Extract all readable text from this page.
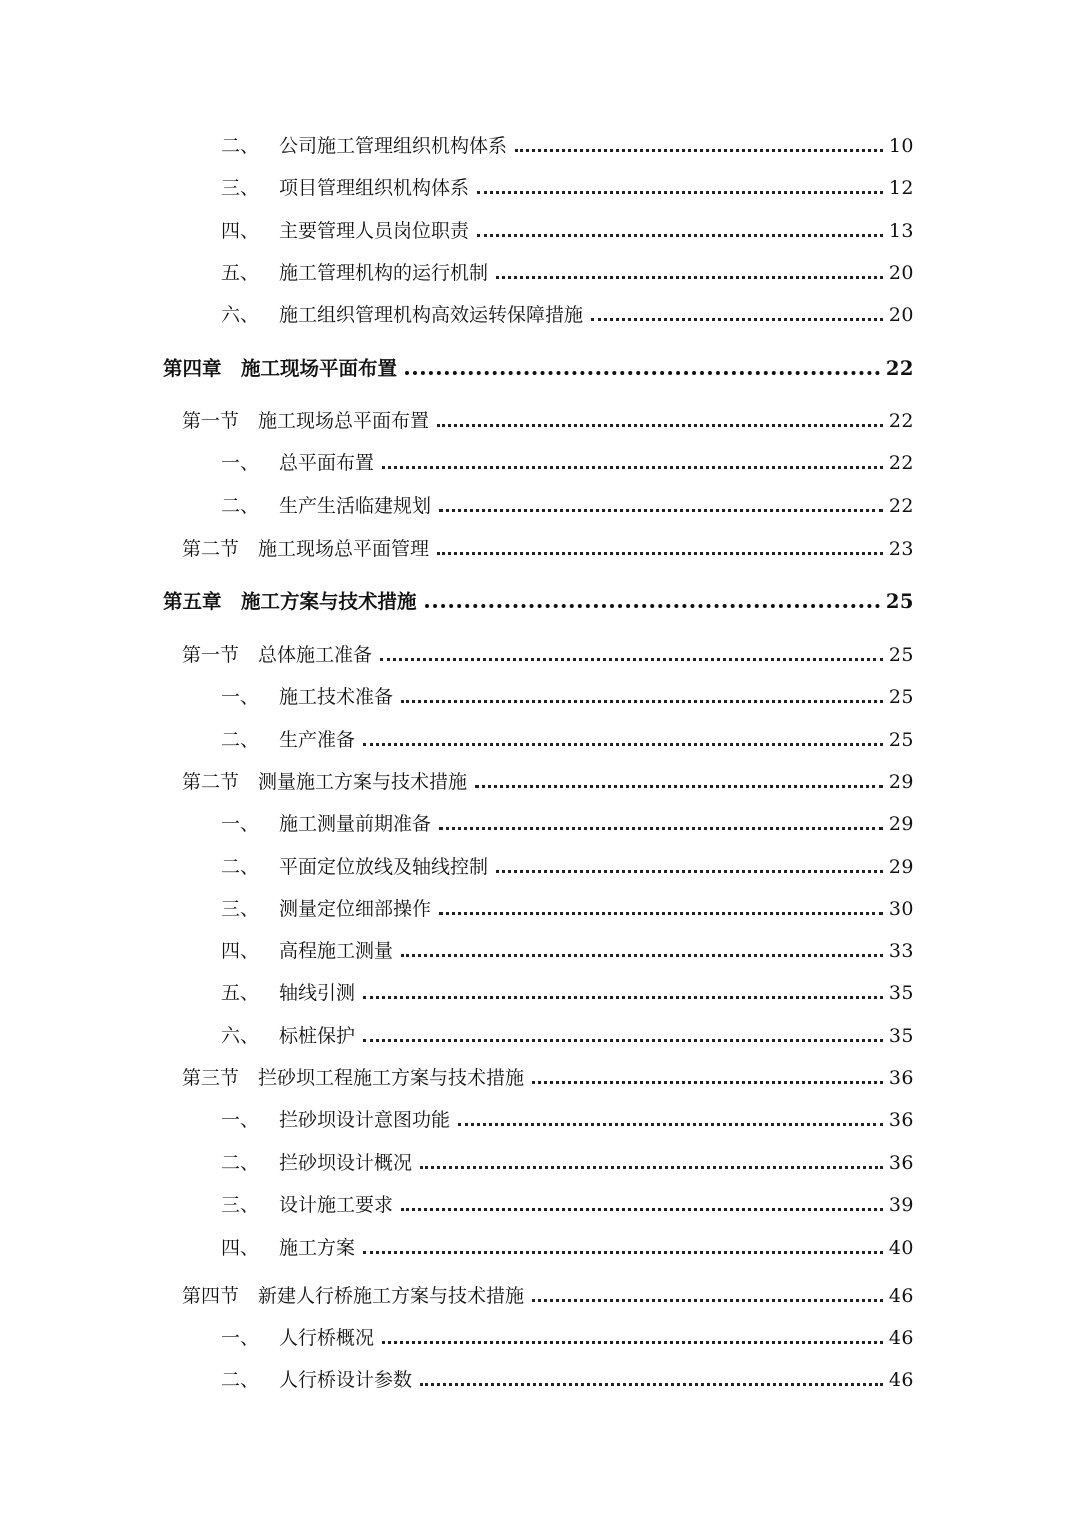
二、	公司施工管理组织机构体系	10
三、	项目管理组织机构体系	12
四、	主要管理人员岗位职责	13
五、	施工管理机构的运行机制	20
六、	施工组织管理机构高效运转保障措施	20
第四章 施工现场平面布置	22
第一节 施工现场总平面布置	22
一、	总平面布置	22
二、	生产生活临建规划	22
第二节 施工现场总平面管理	23
第五章 施工方案与技术措施	25
第一节 总体施工准备	25
一、	施工技术准备	25
二、	生产准备	25
第二节 测量施工方案与技术措施	29
一、	施工测量前期准备	29
二、	平面定位放线及轴线控制	29
三、	测量定位细部操作	30
四、	高程施工测量	33
五、	轴线引测	35
六、	标桩保护	35
第三节 拦砂坝工程施工方案与技术措施	36
一、	拦砂坝设计意图功能	36
二、	拦砂坝设计概况	36
三、	设计施工要求	39
四、	施工方案	40
第四节 新建人行桥施工方案与技术措施	46
一、	人行桥概况	46
二、	人行桥设计参数	46
